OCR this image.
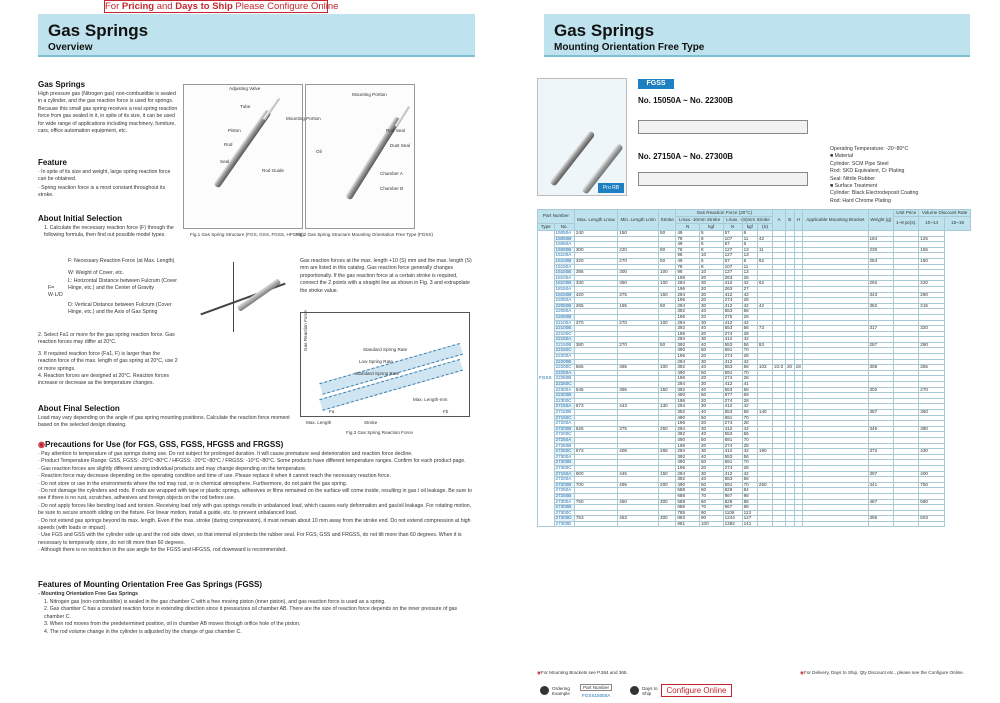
For Pricing and Days to Ship Please Configure Online
Gas Springs
Overview
Gas Springs
Mounting Orientation Free Type
Gas Springs
High pressure gas (Nitrogen gas) non-combustible is sealed in a cylinder, and the gas reaction force is used for springs. Because this small gas spring receives a real spring reaction force from gas sealed in it, in spite of its size, it can be used for wide range of applications including machinery, furniture, cars, office automation equipment, etc.
Feature
· In spite of its size and weight, large spring reaction force can be obtained.
· Spring reaction force is a most constant throughout its stroke.
Adjusting Valve
Tube
Piston
Rod
Seal
Rod Guide
Mounting Portion
Mounting Portion
Rod Seal
Dust Seal
Chamber A
Chamber B
Oil
Fig.1 Gas Spring Structure (FGS, GSS, FGSS, HFGSS)
Fig.2 Gas Spring Structure Mounting Orientation Free Type (FGSS)
About Initial Selection
1. Calculate the necessary reaction force (F) through the following formula, then find out possible model types.
F= W·L/D
F: Necessary Reaction Force (at Max. Length)
W: Weight of Cover, etc.
L: Horizontal Distance between Fulcrum (Cover Hinge, etc.) and the Center of Gravity
D: Vertical Distance between Fulcrum (Cover Hinge, etc.) and the Axis of Gas Spring
2. Select Fa1 or more for the gas spring reaction force. Gas reaction forces may differ at 20°C.
3. If required reaction force (Fa1, F) is larger than the reaction force of the max. length of gas spring at 20°C, use 2 or more springs.
4. Reaction forces are designed at 20°C. Reaction forces increase or decrease as the temperature changes.
Gas reaction forces at the max. length +10 (S) mm and the max. length (S) mm are listed in this catalog. Gas reaction force generally changes proportionally. If the gas reaction force at a certain stroke is required, connect the 2 points with a straight line as shown in Fig. 3 and extrapolate the stroke value.
Standard Spring Rate
Low Spring Rate
Standard Spring Rate
Gas Reaction Force
Max. Length-mm
Fa	Fb
Max. Length	Stroke
Fig.3 Gas Spring Reaction Force
About Final Selection
Load may vary depending on the angle of gas spring mounting positions. Calculate the reaction force moment based on the selected design drawing.
◉Precautions for Use (for FGS, GSS, FGSS, HFGSS and FRGSS)
· Pay attention to temperature of gas springs during use. Do not subject for prolonged duration. It will cause premature seal deterioration and reaction force decline.
· Product Temperature Range: GSS, FGSS: -20°C~80°C / HFGSS: -20°C~80°C / FRGSS: -10°C~80°C. Some products have different temperature ranges. Confirm for each product page.
· Gas reaction forces are slightly different among individual products and may change depending on the temperature.
· Reaction force may decrease depending on the operating condition and time of use. Please replace it when it cannot reach the necessary reaction force.
· Do not store or use in the environments where the rod may rust, or in chemical atmosphere. Furthermore, do not paint the gas spring.
· Do not damage the cylinders and rods. If rods are wrapped with tape or plastic springs, adhesives or films remained on the surface will come inside, resulting in gas / oil leakage. Be sure to see if there is no rust, scratches, adhesives and foreign objects on the rod before use.
· Do not apply forces like bending load and torsion. Receiving load only with gas springs results in unbalanced load, which causes early deformation and gas/oil leakage. For rotating motion, be sure to secure smooth sliding on the fixture. For linear motion, install a guide, etc. to prevent unbalanced load.
· Do not extend gas springs beyond its max. length. Even if the max. stroke (during compression), it must remain about 10 mm away from the stroke end. Do not extend compression at high speeds (with loads or impact).
· Use FGS and GSS with the cylinder side up and the rod side down, so that internal oil protects the rubber seal. For FGS, GSS and FRGSS, do not tilt more than 60 degrees. When it is necessary to temporarily store, do not tilt more than 60 degrees.
· Although there is no restriction in the use angle for the FGSS and HFGSS, rod downward is recommended.
Features of Mounting Orientation Free Gas Springs (FGSS)
- Mounting Orientation Free Gas Springs
1. Nitrogen gas (non-combustible) is sealed in the gas chamber C with a free moving piston (inner piston), and gas reaction force is used as a spring.
2. Gas chamber C has a constant reaction force in extending direction since it pressurizes oil chamber AB. There are the size of reaction force depends on the inner pressure of gas chamber C.
3. When rod moves from the predetermined position, oil in chamber AB moves through orifice hole of the piston.
4. The rod volume change in the cylinder is adjusted by the change of gas chamber C.
Pro RB
FGSS
No. 15050A ~ No. 22300B
No. 27150A ~ No. 27300B
Operating Temperature: -20~80°C
■ Material
Cylinder: SCM Pipe Steel
Rod: SKD Equivalent, Cr Plating
Seal: Nitrile Rubber
■ Surface Treatment
Cylinder: Black Electrodeposit Coating
Rod: Hard Chrome Plating
Part Number		Max. Length Lmax	Min. Length Lmin	Stroke	Gas Reaction Force (20°C)					A	B	H	Applicable Mounting Bracket	Weight (g)	Unit Price	Volume Discount Rate	
					Lmax.-10mm Stroke		Lmax. -(S)mm Stroke								1~9 pc(s).	10~14	15~19
Type	No.				N	kgf	N	kgf	(S)								
FGSS	15050A	240	150	50	49	5	57	6									
	15050B				78	8	107	11	42					184		125	
	15080A				49	5	57	6									
	15080B	300	220	80	78	8	127	13	11					230		155	
	15100A				96	10	127	13									
	15100B	320	270	50	49	5	57	6	62					254		160	
	15150A				78	8	107	11									
	15150B	395	300	100	96	10	127	13									
	18100A				196	20	263	26									
	18100B	330	350	100	294	30	412	42	62					292		220	
	18150A				196	20	263	27									
	18150B	420	375	150	294	30	412	42						343		290	
	22050A				196	20	274	28									
	22050B	265	155	50	294	30	412	42	42					382		215	
	22080A				392	40	553	56									
	22080B				196	20	275	28									
	22100A	370	270	100	294	30	412	42									
	22100B				392	40	553	56	73					317		320	
	22100C				196	20	274	28									
	22150A				294	30	412	42									
	22150B	380	270	50	392	40	553	56	83					287		290	
	22150C				490	50	691	70									
	22200A				196	20	274	28									
	22200B				294	30	412	42									
	22200C	565	365	100	392	40	553	56	103	22.0	20	18		308		255	
	22250A				490	50	691	70									
	22250B				196	20	274	28									
	22250C				294	30	412	41									
	22300A	545	395	150	392	40	553	56						302		270	
	22300B				490	50	677	69									
	22300C				196	20	274	28									
	27150A	573	443	130	294	30	412	42									
	27150B				392	40	553	56	140					397		360	
	27150C				490	50	691	70									
	27200A				196	20	274	28									
	27200B	625	375	250	294	30	412	42						345		380	
	27200C				392	40	553	56									
	27250A				490	50	691	70									
	27250B				196	20	274	28									
	27250C	673	408	265	294	30	412	42	190					372		430	
	27300A				392	40	553	56									
	27300B				490	50	691	70									
	27300C				196	20	274	28									
	27150A	600	445	150	294	30	412	42						397		400	
	27200A				392	40	553	56									
	27200B	700	495	200	490	50	691	70	250					441		750	
	27250A				588	60	829	84									
	27250B				686	70	967	98									
	27300A	750	450	300	588	60	829	85						487		590	
	27300B				686	70	967	98									
	27300C				785	80	1106	113									
	27300D	753	453	300	883	90	1244	127						395		603	
	27300E				981	100	1382	141									
◉For Mounting Brackets see P.364 and 365.	◉For Delivery, Days to Ship, Qty Discount etc., please see the Configure Online.
Ordering Example
Part Number
FGSS15050A
Days to Ship	Configure Online
